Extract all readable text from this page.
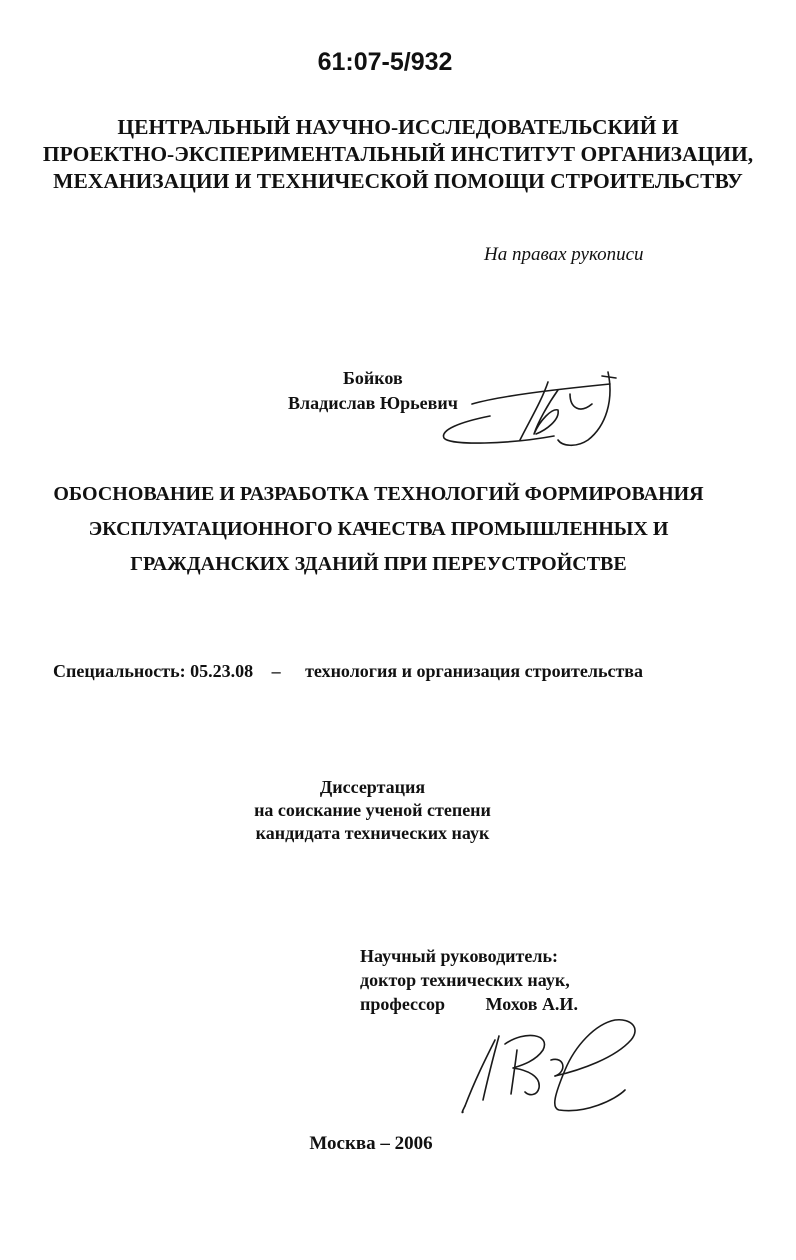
61:07-5/932
ЦЕНТРАЛЬНЫЙ НАУЧНО-ИССЛЕДОВАТЕЛЬСКИЙ И
ПРОЕКТНО-ЭКСПЕРИМЕНТАЛЬНЫЙ ИНСТИТУТ ОРГАНИЗАЦИИ,
МЕХАНИЗАЦИИ И ТЕХНИЧЕСКОЙ ПОМОЩИ СТРОИТЕЛЬСТВУ
На правах рукописи
Бойков
Владислав Юрьевич
ОБОСНОВАНИЕ И РАЗРАБОТКА ТЕХНОЛОГИЙ ФОРМИРОВАНИЯ
ЭКСПЛУАТАЦИОННОГО КАЧЕСТВА ПРОМЫШЛЕННЫХ И
ГРАЖДАНСКИХ ЗДАНИЙ ПРИ ПЕРЕУСТРОЙСТВЕ
Специальность: 05.23.08 – технология и организация строительства
Диссертация
на соискание ученой степени
кандидата технических наук
Научный руководитель:
доктор технических наук,
профессор Мохов А.И.
Москва – 2006
